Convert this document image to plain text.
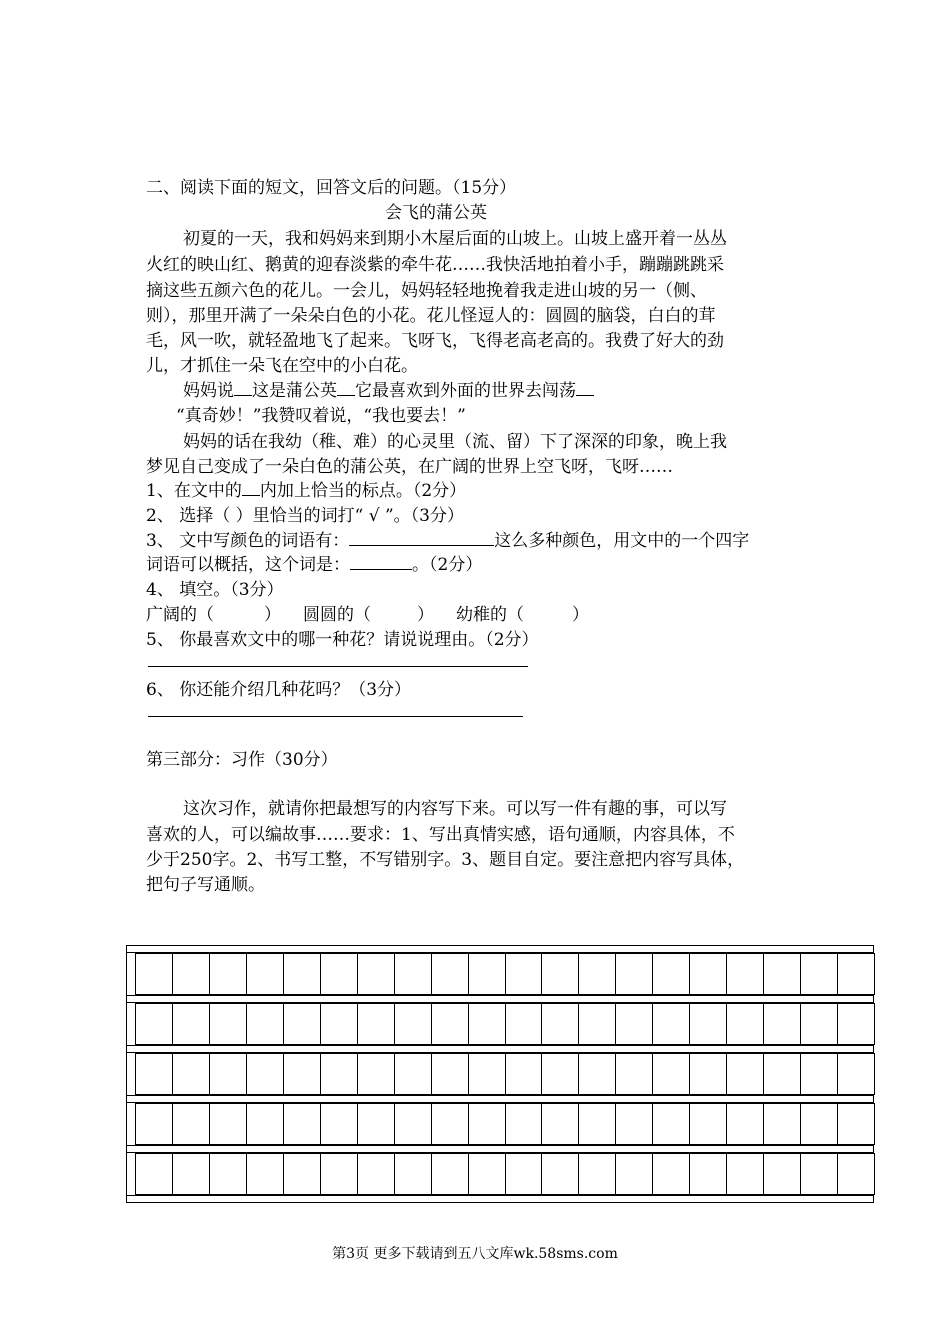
二、阅读下面的短文，回答文后的问题。（15分）
会飞的蒲公英
初夏的一天，我和妈妈来到期小木屋后面的山坡上。山坡上盛开着一丛丛
火红的映山红、鹅黄的迎春淡紫的牵牛花……我快活地拍着小手，蹦蹦跳跳采
摘这些五颜六色的花儿。一会儿，妈妈轻轻地挽着我走进山坡的另一（侧、
则），那里开满了一朵朵白色的小花。花儿怪逗人的：圆圆的脑袋，白白的茸
毛，风一吹，就轻盈地飞了起来。飞呀飞，飞得老高老高的。我费了好大的劲
儿，才抓住一朵飞在空中的小白花。
妈妈说 这是蒲公英 它最喜欢到外面的世界去闯荡
“真奇妙！”我赞叹着说，“我也要去！”
妈妈的话在我幼（稚、难）的心灵里（流、留）下了深深的印象，晚上我
梦见自己变成了一朵白色的蒲公英，在广阔的世界上空飞呀，飞呀……
1、在文中的 内加上恰当的标点。（2分）
2、 选择（ ）里恰当的词打“ √ ”。（3分）
3、 文中写颜色的词语有：	这么多种颜色，用文中的一个四字
词语可以概括，这个词是：	。（2分）
4、 填空。（3分）
广阔的（	） 圆圆的（	） 幼稚的（	）
5、 你最喜欢文中的哪一种花？请说说理由。（2分）
6、 你还能介绍几种花吗？（3分）
第三部分：习作（30分）
这次习作，就请你把最想写的内容写下来。可以写一件有趣的事，可以写
喜欢的人，可以编故事……要求：1、写出真情实感，语句通顺，内容具体，不
少于250字。2、书写工整，不写错别字。3、题目自定。要注意把内容写具体，
把句子写通顺。
第3页 更多下载请到五八文库wk.58sms.com
